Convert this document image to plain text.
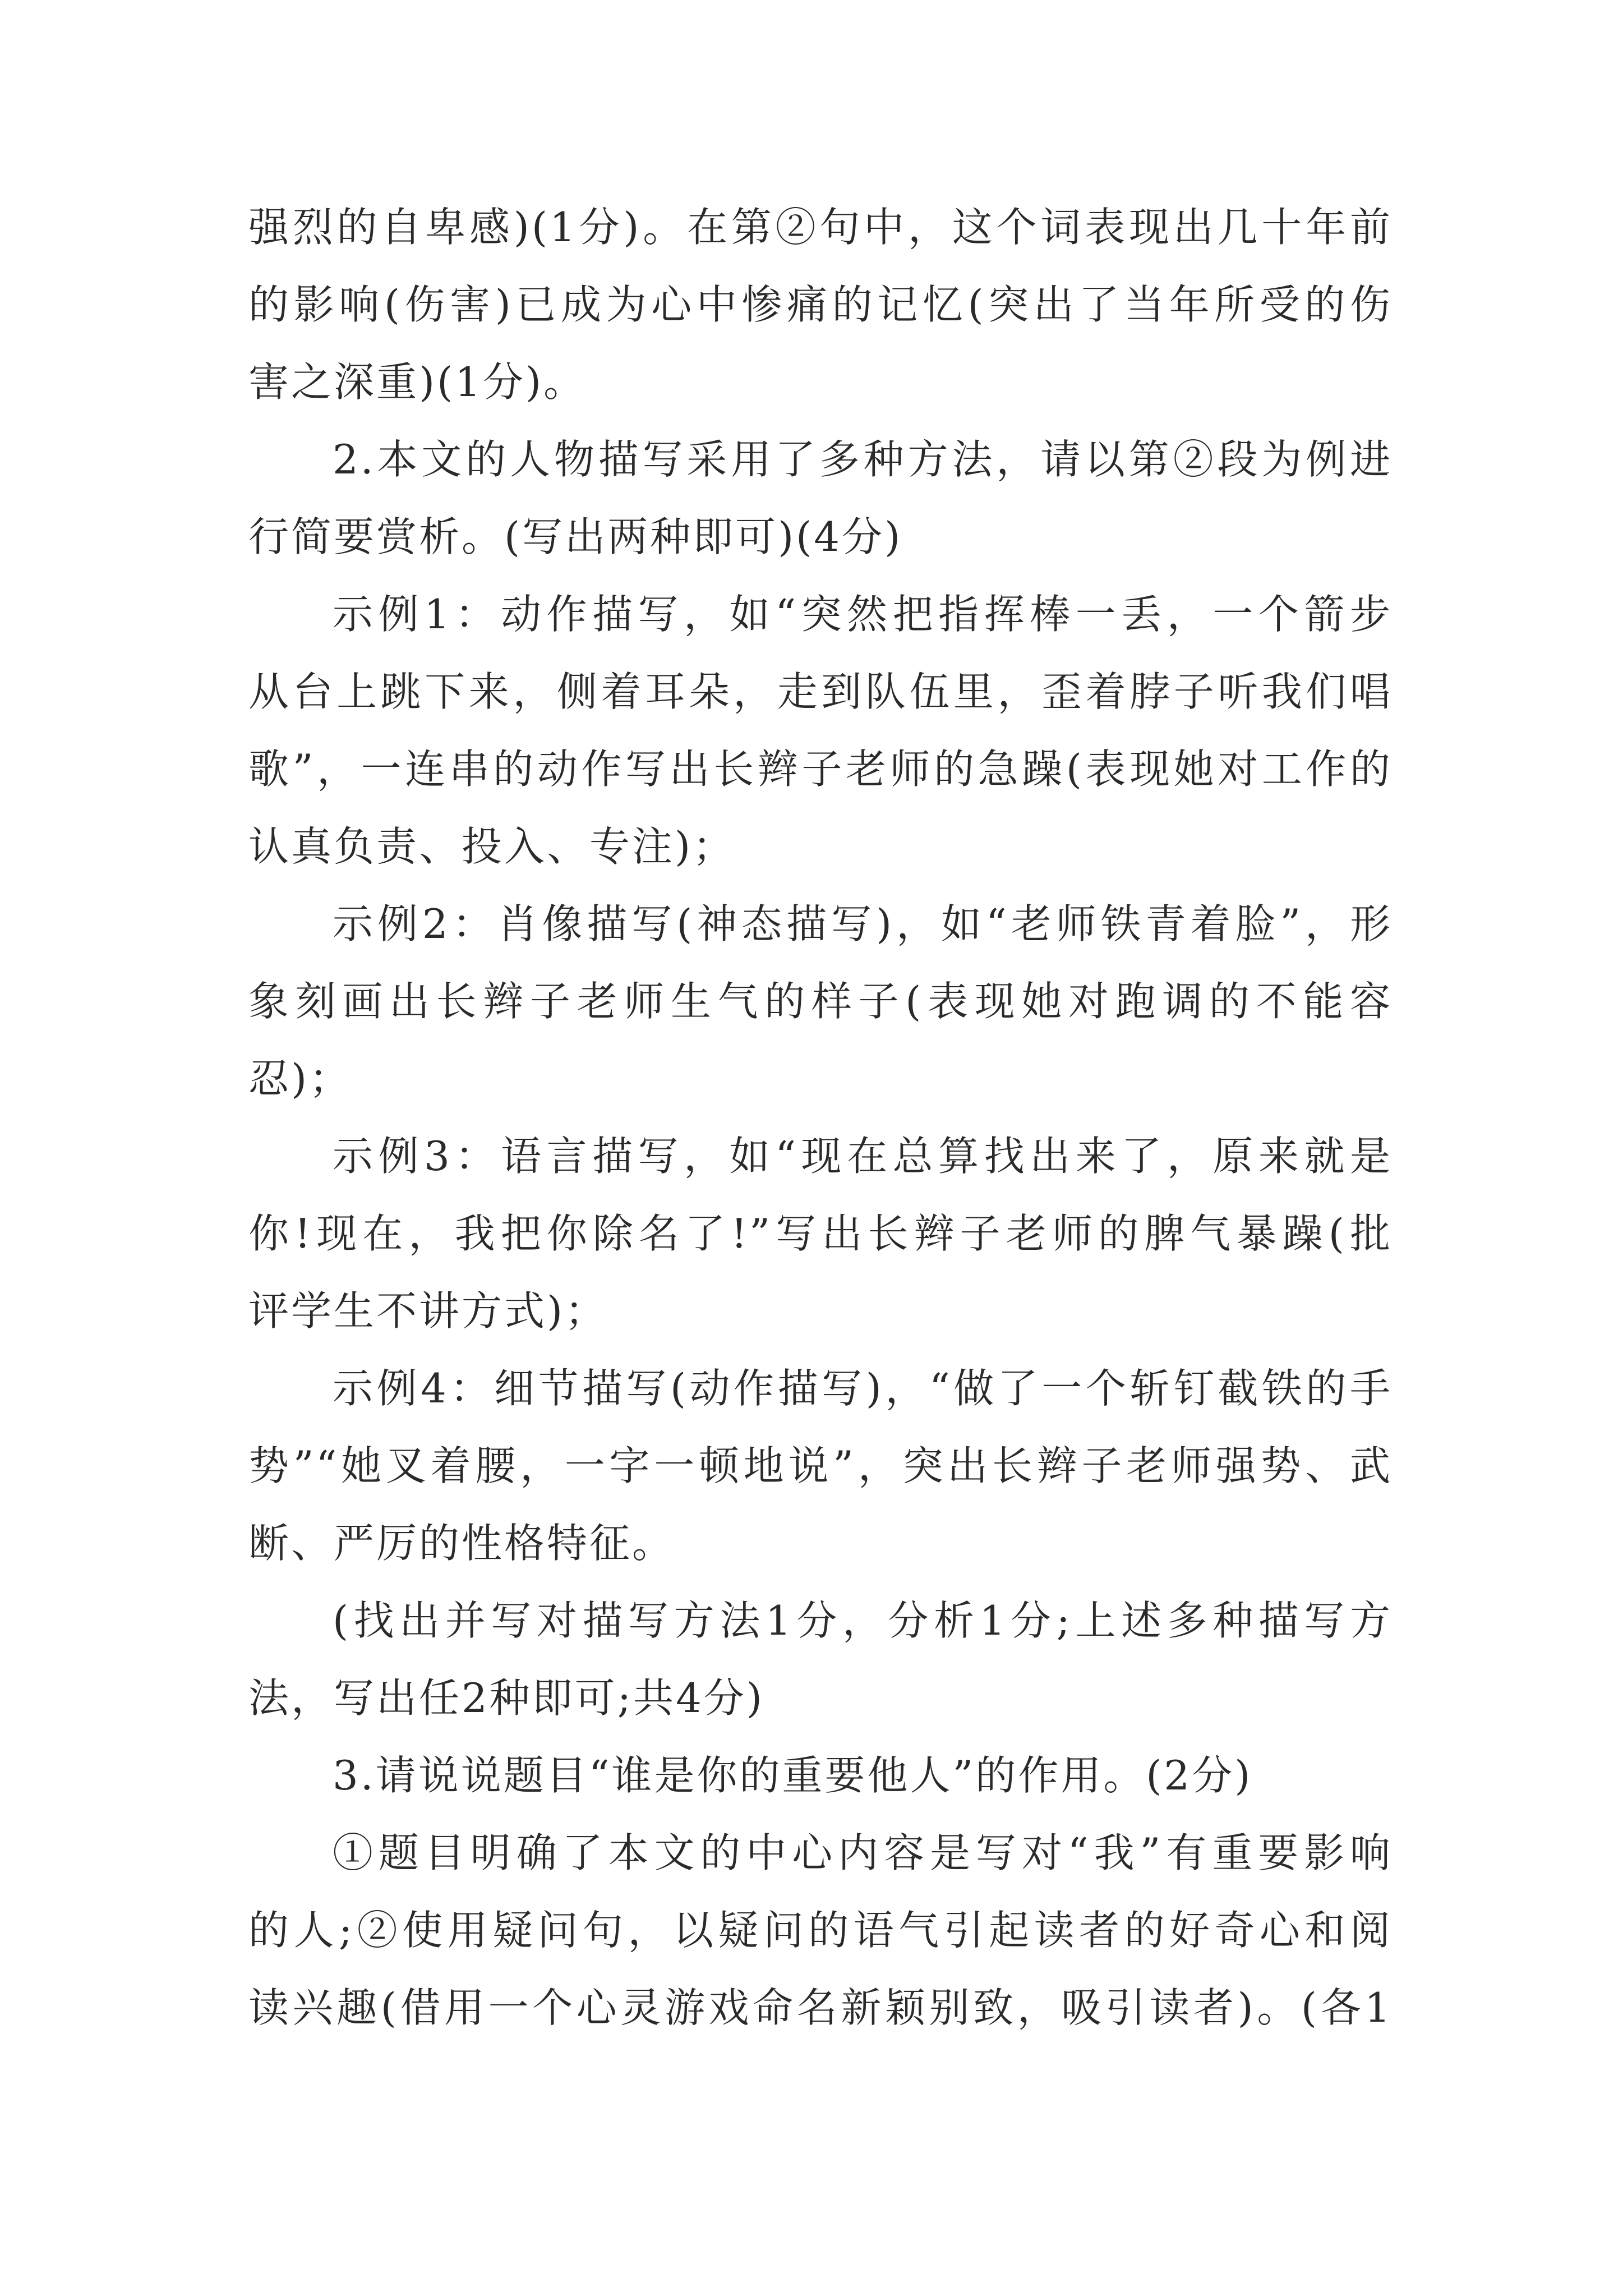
强烈的自卑感)(1分)。在第②句中，这个词表现出几十年前
的影响(伤害)已成为心中惨痛的记忆(突出了当年所受的伤
害之深重)(1分)。
2.本文的人物描写采用了多种方法，请以第②段为例进
行简要赏析。(写出两种即可)(4分)
示例1：动作描写，如“突然把指挥棒一丢，一个箭步
从台上跳下来，侧着耳朵，走到队伍里，歪着脖子听我们唱
歌”，一连串的动作写出长辫子老师的急躁(表现她对工作的
认真负责、投入、专注)；
示例2：肖像描写(神态描写)，如“老师铁青着脸”，形
象刻画出长辫子老师生气的样子(表现她对跑调的不能容
忍)；
示例3：语言描写，如“现在总算找出来了，原来就是
你!现在，我把你除名了!”写出长辫子老师的脾气暴躁(批
评学生不讲方式)；
示例4：细节描写(动作描写)，“做了一个斩钉截铁的手
势”“她叉着腰，一字一顿地说”，突出长辫子老师强势、武
断、严厉的性格特征。
(找出并写对描写方法1分，分析1分;上述多种描写方
法，写出任2种即可;共4分)
3.请说说题目“谁是你的重要他人”的作用。(2分)
①题目明确了本文的中心内容是写对“我”有重要影响
的人;②使用疑问句，以疑问的语气引起读者的好奇心和阅
读兴趣(借用一个心灵游戏命名新颖别致，吸引读者)。(各1
